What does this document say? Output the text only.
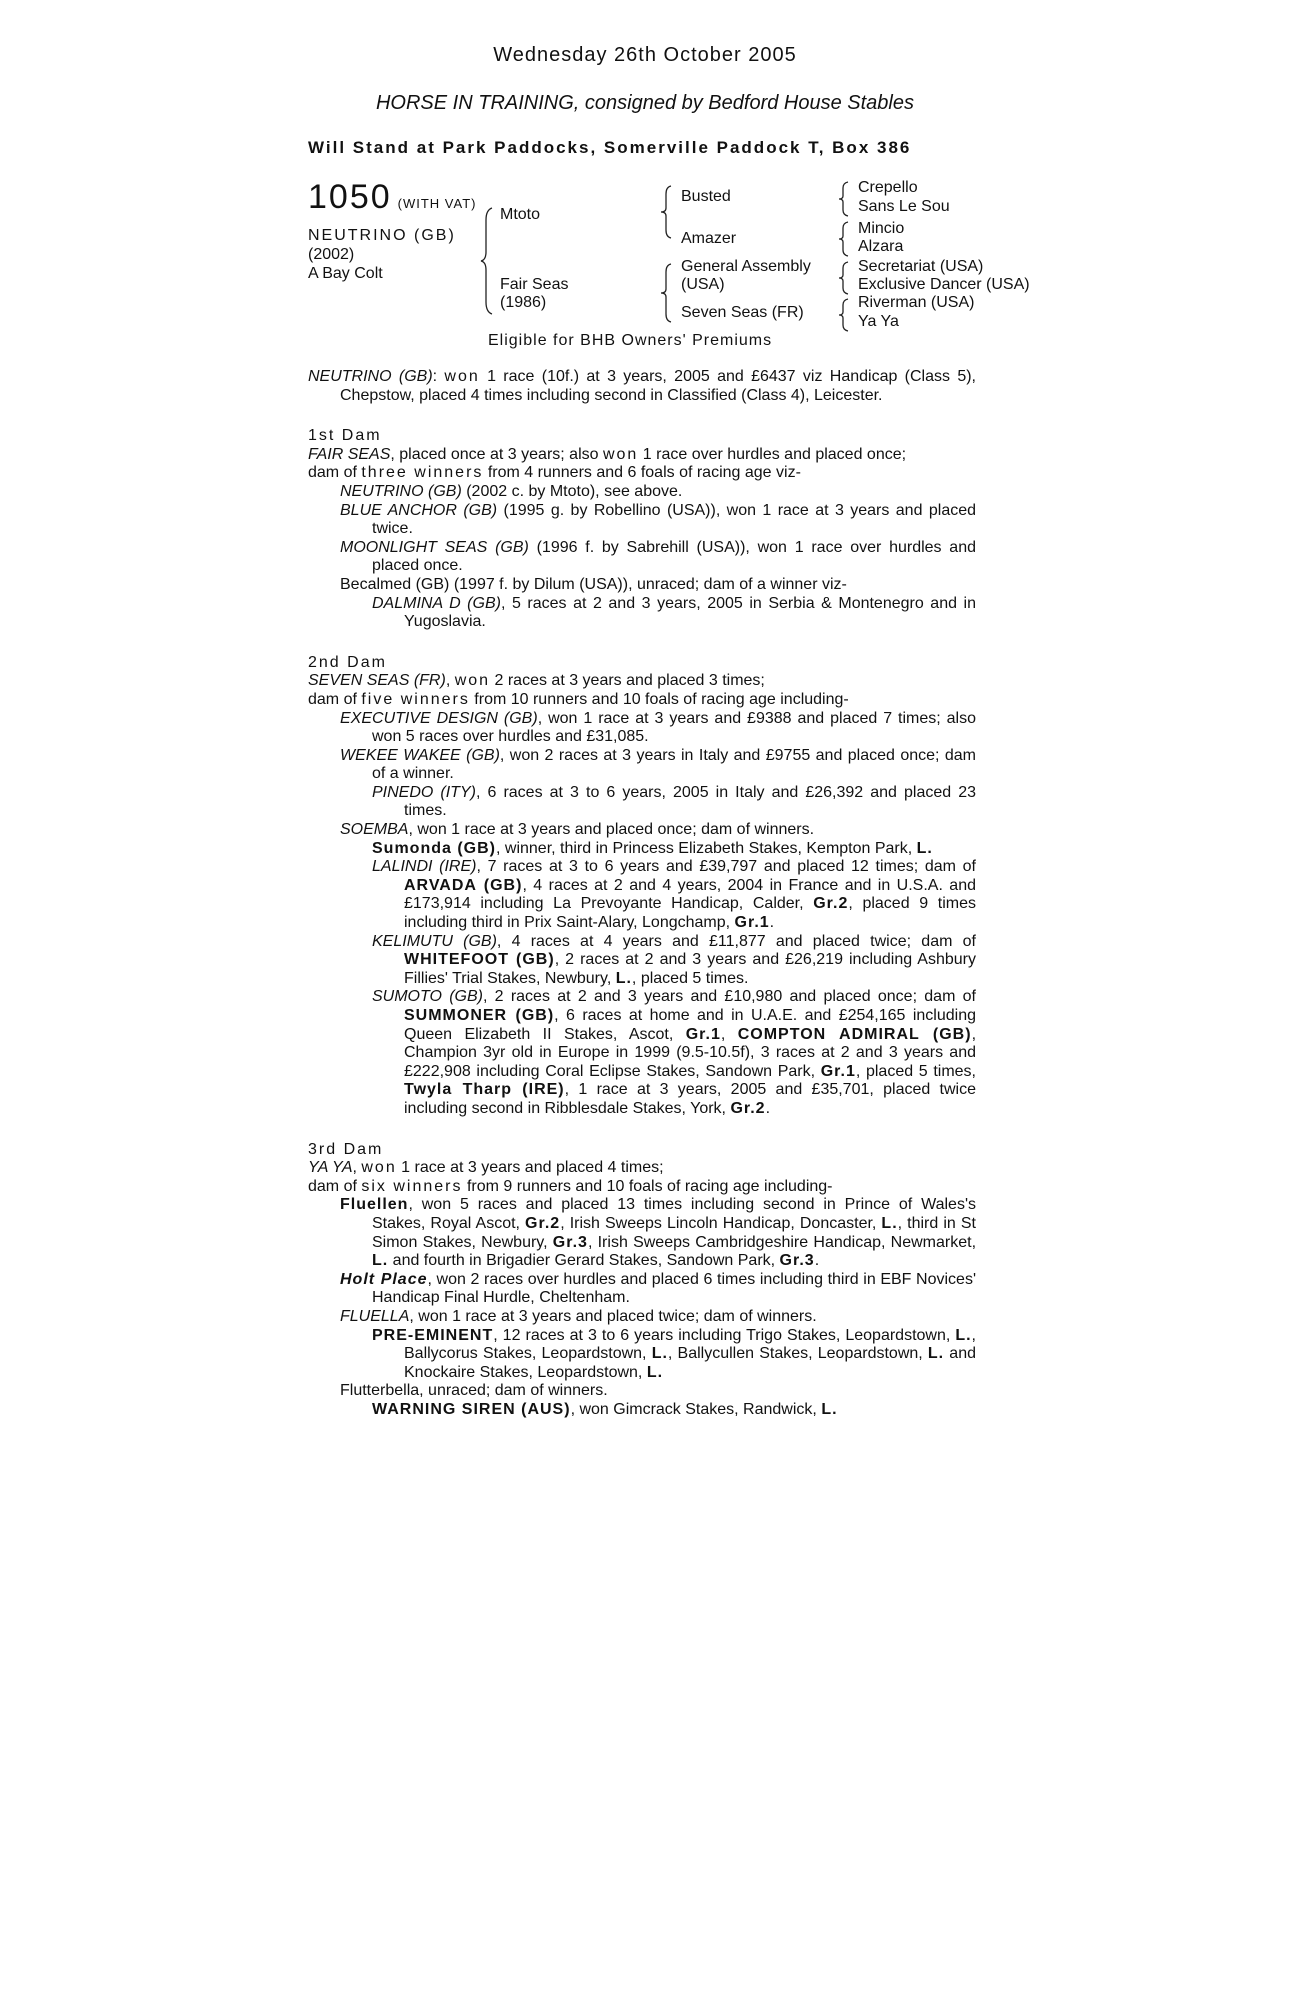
Wednesday 26th October 2005
HORSE IN TRAINING, consigned by Bedford House Stables
Will Stand at Park Paddocks, Somerville Paddock T, Box 386
1050 (WITH VAT)
NEUTRINO (GB)
(2002)
A Bay Colt
Mtoto
Fair Seas
(1986)
Busted
Amazer
General Assembly
(USA)
Seven Seas (FR)
Crepello
Sans Le Sou
Mincio
Alzara
Secretariat (USA)
Exclusive Dancer (USA)
Riverman (USA)
Ya Ya
Eligible for BHB Owners' Premiums

NEUTRINO (GB): won 1 race (10f.) at 3 years, 2005 and £6437 viz Handicap (Class 5), Chepstow, placed 4 times including second in Classified (Class 4), Leicester.

1st Dam

FAIR SEAS, placed once at 3 years; also won 1 race over hurdles and placed once;

dam of three winners from 4 runners and 6 foals of racing age viz-

NEUTRINO (GB) (2002 c. by Mtoto), see above.

BLUE ANCHOR (GB) (1995 g. by Robellino (USA)), won 1 race at 3 years and placed twice.

MOONLIGHT SEAS (GB) (1996 f. by Sabrehill (USA)), won 1 race over hurdles and placed once.

Becalmed (GB) (1997 f. by Dilum (USA)), unraced; dam of a winner viz-

DALMINA D (GB), 5 races at 2 and 3 years, 2005 in Serbia & Montenegro and in Yugoslavia.

2nd Dam

SEVEN SEAS (FR), won 2 races at 3 years and placed 3 times;

dam of five winners from 10 runners and 10 foals of racing age including-

EXECUTIVE DESIGN (GB), won 1 race at 3 years and £9388 and placed 7 times; also won 5 races over hurdles and £31,085.

WEKEE WAKEE (GB), won 2 races at 3 years in Italy and £9755 and placed once; dam of a winner.

PINEDO (ITY), 6 races at 3 to 6 years, 2005 in Italy and £26,392 and placed 23 times.

SOEMBA, won 1 race at 3 years and placed once; dam of winners.

Sumonda (GB), winner, third in Princess Elizabeth Stakes, Kempton Park, L.

LALINDI (IRE), 7 races at 3 to 6 years and £39,797 and placed 12 times; dam of ARVADA (GB), 4 races at 2 and 4 years, 2004 in France and in U.S.A. and £173,914 including La Prevoyante Handicap, Calder, Gr.2, placed 9 times including third in Prix Saint-Alary, Longchamp, Gr.1.

KELIMUTU (GB), 4 races at 4 years and £11,877 and placed twice; dam of WHITEFOOT (GB), 2 races at 2 and 3 years and £26,219 including Ashbury Fillies' Trial Stakes, Newbury, L., placed 5 times.

SUMOTO (GB), 2 races at 2 and 3 years and £10,980 and placed once; dam of SUMMONER (GB), 6 races at home and in U.A.E. and £254,165 including Queen Elizabeth II Stakes, Ascot, Gr.1, COMPTON ADMIRAL (GB), Champion 3yr old in Europe in 1999 (9.5-10.5f), 3 races at 2 and 3 years and £222,908 including Coral Eclipse Stakes, Sandown Park, Gr.1, placed 5 times, Twyla Tharp (IRE), 1 race at 3 years, 2005 and £35,701, placed twice including second in Ribblesdale Stakes, York, Gr.2.

3rd Dam

YA YA, won 1 race at 3 years and placed 4 times;

dam of six winners from 9 runners and 10 foals of racing age including-

Fluellen, won 5 races and placed 13 times including second in Prince of Wales's Stakes, Royal Ascot, Gr.2, Irish Sweeps Lincoln Handicap, Doncaster, L., third in St Simon Stakes, Newbury, Gr.3, Irish Sweeps Cambridgeshire Handicap, Newmarket, L. and fourth in Brigadier Gerard Stakes, Sandown Park, Gr.3.

Holt Place, won 2 races over hurdles and placed 6 times including third in EBF Novices' Handicap Final Hurdle, Cheltenham.

FLUELLA, won 1 race at 3 years and placed twice; dam of winners.

PRE-EMINENT, 12 races at 3 to 6 years including Trigo Stakes, Leopardstown, L., Ballycorus Stakes, Leopardstown, L., Ballycullen Stakes, Leopardstown, L. and Knockaire Stakes, Leopardstown, L.

Flutterbella, unraced; dam of winners.

WARNING SIREN (AUS), won Gimcrack Stakes, Randwick, L.
